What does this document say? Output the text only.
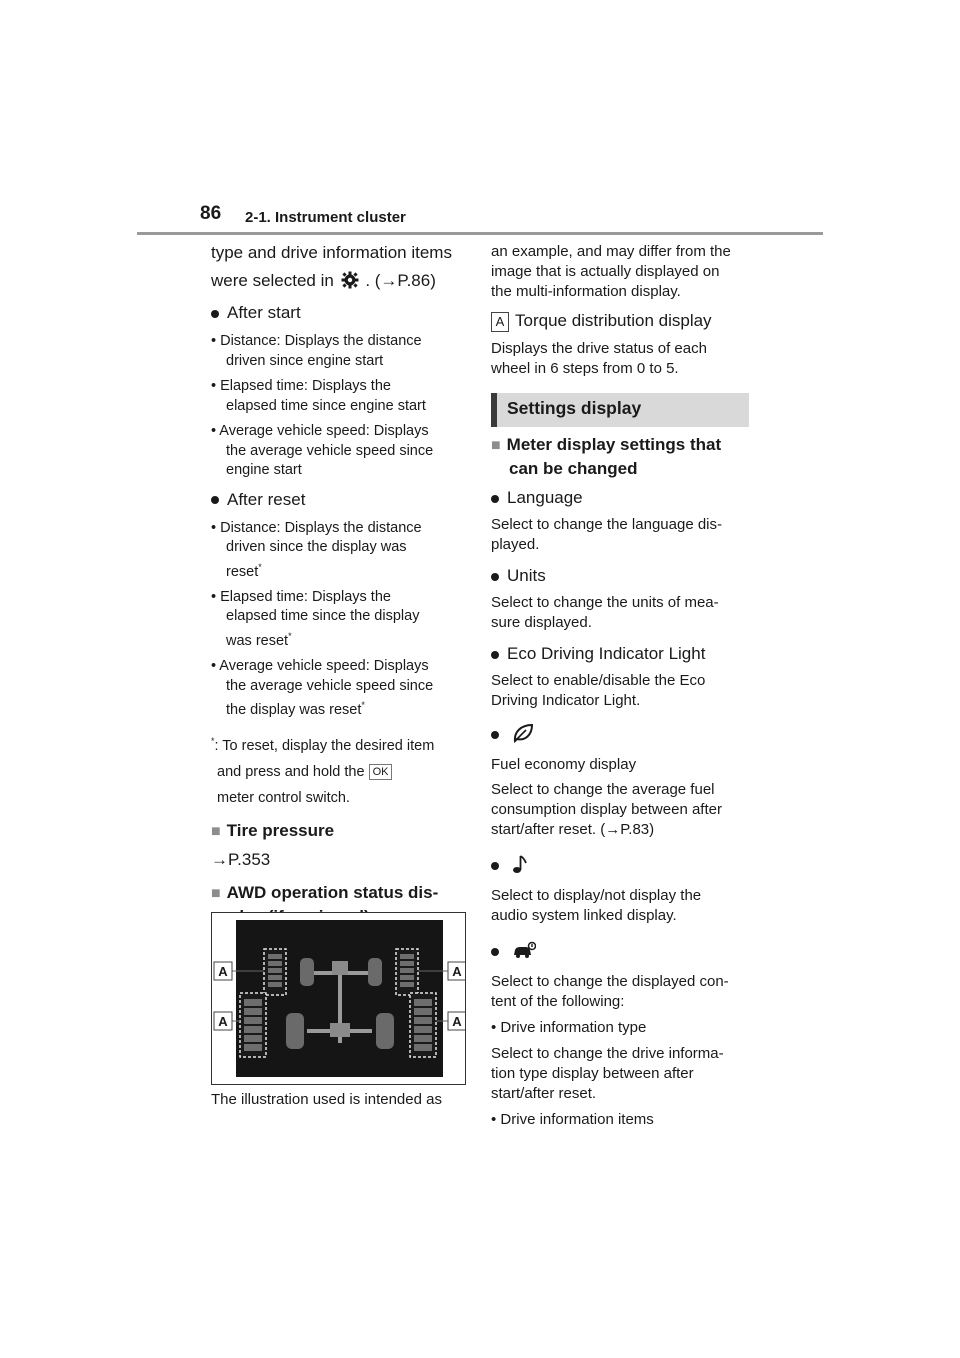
86 2-1. Instrument cluster
type and drive information items
were selected in . (→P.86)
After start
• Distance: Displays the distance
driven since engine start
• Elapsed time: Displays the
elapsed time since engine start
• Average vehicle speed: Displays
the average vehicle speed since
engine start
After reset
• Distance: Displays the distance
driven since the display was
reset*
• Elapsed time: Displays the
elapsed time since the display
was reset*
• Average vehicle speed: Displays
the average vehicle speed since
the display was reset*
*: To reset, display the desired item
and press and hold the OK
meter control switch.
■ Tire pressure
→P.353
■ AWD operation status dis-

A	A
A	A
The illustration used is intended as
an example, and may differ from the
image that is actually displayed on
the multi-information display.
A Torque distribution display
Displays the drive status of each
wheel in 6 steps from 0 to 5.
Settings display
■ Meter display settings that
can be changed
Language
Select to change the language dis-
played.
Units
Select to change the units of mea-
sure displayed.
Eco Driving Indicator Light
Select to enable/disable the Eco
Driving Indicator Light.

Fuel economy display
Select to change the average fuel
consumption display between after
start/after reset. (→P.83)

Select to display/not display the
audio system linked display.

Select to change the displayed con-
tent of the following:
• Drive information type
Select to change the drive informa-
tion type display between after
start/after reset.
• Drive information items
